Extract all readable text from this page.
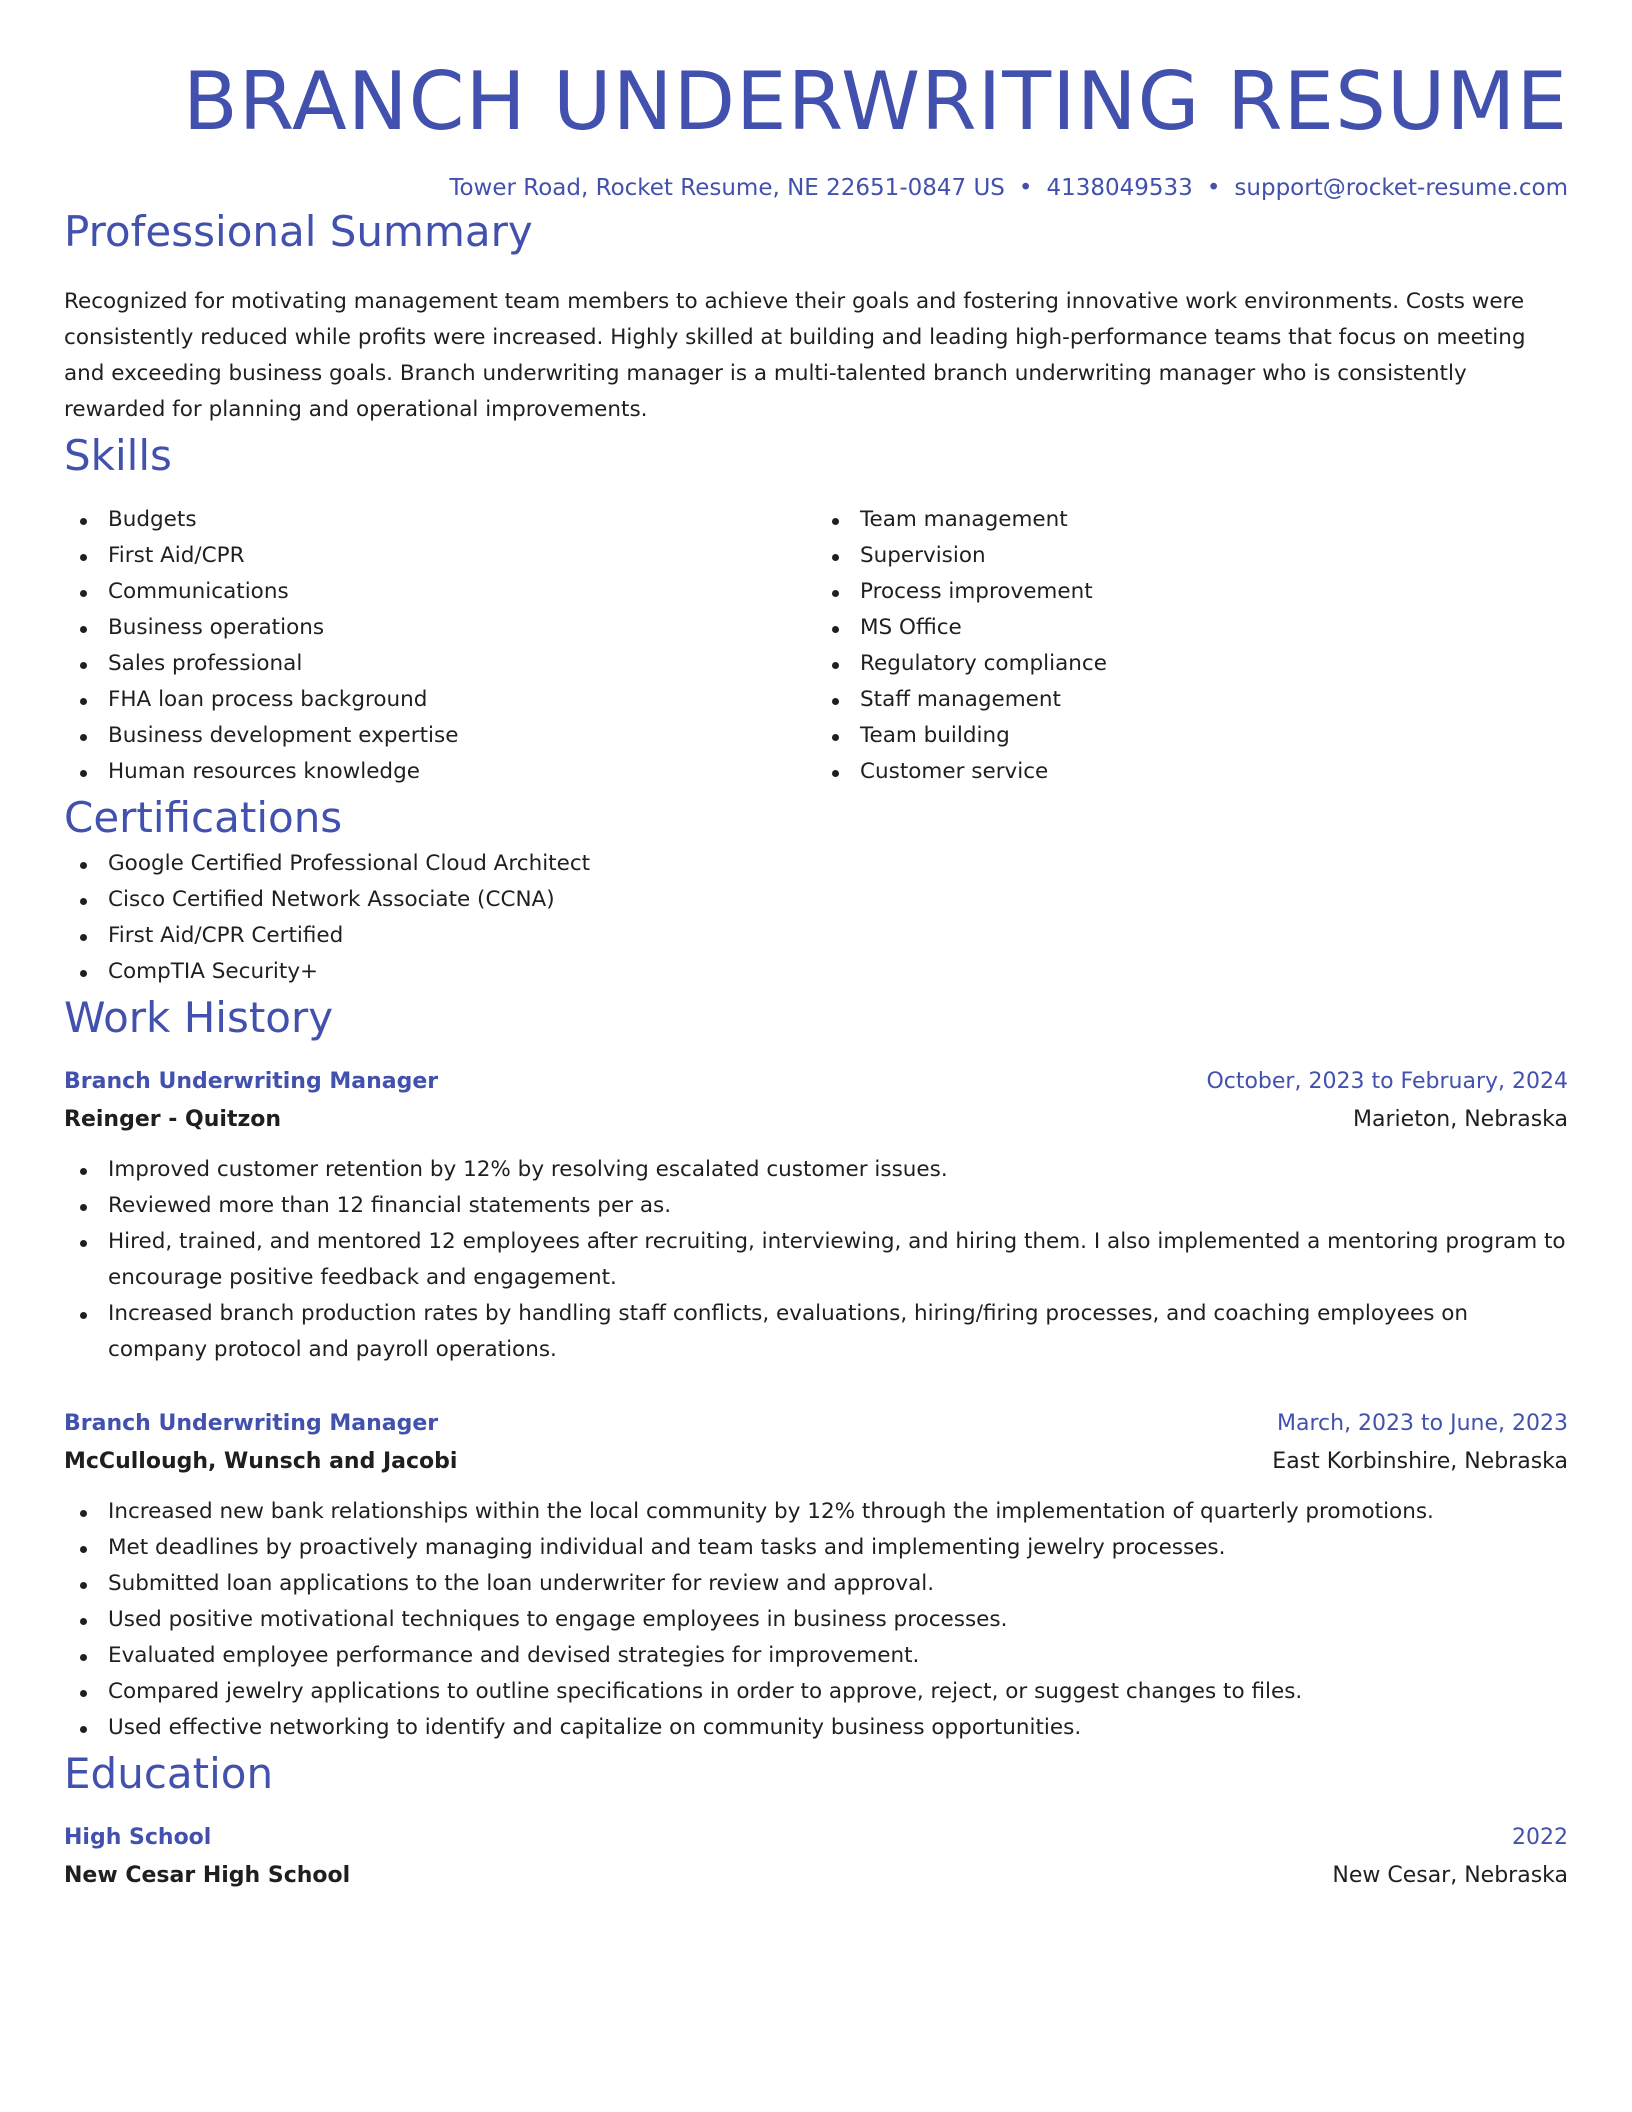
BRANCH UNDERWRITING RESUME
Tower Road, Rocket Resume, NE 22651-0847 US • 4138049533 • support@rocket-resume.com
Professional Summary

Recognized for motivating management team members to achieve their goals and fostering innovative work environments. Costs were consistently reduced while profits were increased. Highly skilled at building and leading high-performance teams that focus on meeting and exceeding business goals. Branch underwriting manager is a multi-talented branch underwriting manager who is consistently rewarded for planning and operational improvements.

Skills
Budgets
First Aid/CPR
Communications
Business operations
Sales professional
FHA loan process background
Business development expertise
Human resources knowledge
Team management
Supervision
Process improvement
MS Office
Regulatory compliance
Staff management
Team building
Customer service
Certifications
Google Certified Professional Cloud Architect
Cisco Certified Network Associate (CCNA)
First Aid/CPR Certified
CompTIA Security+
Work History
Branch Underwriting Manager	October, 2023 to February, 2024
Reinger - Quitzon	Marieton, Nebraska
Improved customer retention by 12% by resolving escalated customer issues.
Reviewed more than 12 financial statements per as.
Hired, trained, and mentored 12 employees after recruiting, interviewing, and hiring them. I also implemented a mentoring program to encourage positive feedback and engagement.
Increased branch production rates by handling staff conflicts, evaluations, hiring/firing processes, and coaching employees on company protocol and payroll operations.
Branch Underwriting Manager	March, 2023 to June, 2023
McCullough, Wunsch and Jacobi	East Korbinshire, Nebraska
Increased new bank relationships within the local community by 12% through the implementation of quarterly promotions.
Met deadlines by proactively managing individual and team tasks and implementing jewelry processes.
Submitted loan applications to the loan underwriter for review and approval.
Used positive motivational techniques to engage employees in business processes.
Evaluated employee performance and devised strategies for improvement.
Compared jewelry applications to outline specifications in order to approve, reject, or suggest changes to files.
Used effective networking to identify and capitalize on community business opportunities.
Education
High School	2022
New Cesar High School	New Cesar, Nebraska
